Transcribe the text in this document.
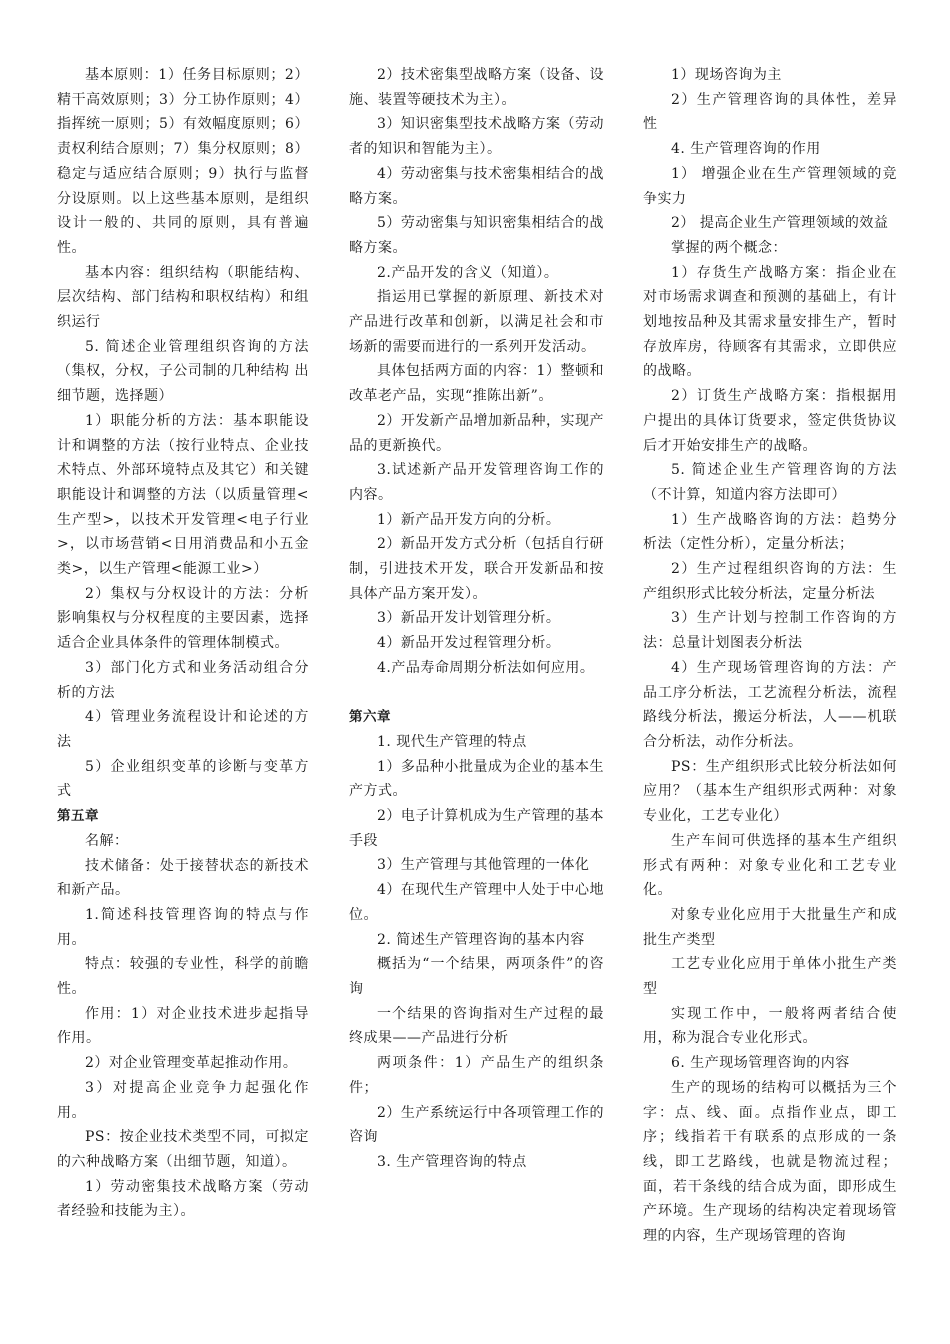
基本原则：1）任务目标原则；2）精干高效原则；3）分工协作原则；4）指挥统一原则；5）有效幅度原则；6）责权利结合原则；7）集分权原则；8）稳定与适应结合原则；9）执行与监督分设原则。以上这些基本原则，是组织设计一般的、共同的原则，具有普遍性。

基本内容：组织结构（职能结构、层次结构、部门结构和职权结构）和组织运行

5. 简述企业管理组织咨询的方法（集权，分权，子公司制的几种结构 出细节题，选择题）

1）职能分析的方法：基本职能设计和调整的方法（按行业特点、企业技术特点、外部环境特点及其它）和关键职能设计和调整的方法（以质量管理<生产型>，以技术开发管理<电子行业>，以市场营销<日用消费品和小五金类>，以生产管理<能源工业>）

2）集权与分权设计的方法：分析影响集权与分权程度的主要因素，选择适合企业具体条件的管理体制模式。

3）部门化方式和业务活动组合分析的方法

4）管理业务流程设计和论述的方法

5）企业组织变革的诊断与变革方式

第五章

名解：

技术储备：处于接替状态的新技术和新产品。

1.简述科技管理咨询的特点与作用。

特点：较强的专业性，科学的前瞻性。

作用：1）对企业技术进步起指导作用。

2）对企业管理变革起推动作用。

3）对提高企业竞争力起强化作用。

PS：按企业技术类型不同，可拟定的六种战略方案（出细节题，知道）。

1）劳动密集技术战略方案（劳动者经验和技能为主）。

2）技术密集型战略方案（设备、设施、装置等硬技术为主）。

3）知识密集型技术战略方案（劳动者的知识和智能为主）。

4）劳动密集与技术密集相结合的战略方案。

5）劳动密集与知识密集相结合的战略方案。

2.产品开发的含义（知道）。

指运用已掌握的新原理、新技术对产品进行改革和创新，以满足社会和市场新的需要而进行的一系列开发活动。

具体包括两方面的内容：1）整顿和改革老产品，实现“推陈出新”。

2）开发新产品增加新品种，实现产品的更新换代。

3.试述新产品开发管理咨询工作的内容。

1）新产品开发方向的分析。

2）新品开发方式分析（包括自行研制，引进技术开发，联合开发新品和按具体产品方案开发）。

3）新品开发计划管理分析。

4）新品开发过程管理分析。

4.产品寿命周期分析法如何应用。

第六章

1. 现代生产管理的特点

1）多品种小批量成为企业的基本生产方式。

2）电子计算机成为生产管理的基本手段

3）生产管理与其他管理的一体化

4）在现代生产管理中人处于中心地位。

2. 简述生产管理咨询的基本内容

概括为“一个结果，两项条件”的咨询

一个结果的咨询指对生产过程的最终成果——产品进行分析

两项条件：1）产品生产的组织条件；

2）生产系统运行中各项管理工作的咨询

3. 生产管理咨询的特点

1）现场咨询为主

2）生产管理咨询的具体性，差异性

4. 生产管理咨询的作用

1） 增强企业在生产管理领域的竞争实力

2） 提高企业生产管理领域的效益

掌握的两个概念：

1）存货生产战略方案：指企业在对市场需求调查和预测的基础上，有计划地按品种及其需求量安排生产，暂时存放库房，待顾客有其需求，立即供应的战略。

2）订货生产战略方案：指根据用户提出的具体订货要求，签定供货协议后才开始安排生产的战略。

5. 简述企业生产管理咨询的方法（不计算，知道内容方法即可）

1）生产战略咨询的方法：趋势分析法（定性分析），定量分析法；

2）生产过程组织咨询的方法：生产组织形式比较分析法，定量分析法

3）生产计划与控制工作咨询的方法：总量计划图表分析法

4）生产现场管理咨询的方法：产品工序分析法，工艺流程分析法，流程路线分析法，搬运分析法，人——机联合分析法，动作分析法。

PS：生产组织形式比较分析法如何应用？（基本生产组织形式两种：对象专业化，工艺专业化）

生产车间可供选择的基本生产组织形式有两种：对象专业化和工艺专业化。

对象专业化应用于大批量生产和成批生产类型

工艺专业化应用于单体小批生产类型

实现工作中，一般将两者结合使用，称为混合专业化形式。

6. 生产现场管理咨询的内容

生产的现场的结构可以概括为三个字：点、线、面。点指作业点，即工序；线指若干有联系的点形成的一条线，即工艺路线，也就是物流过程；面，若干条线的结合成为面，即形成生产环境。生产现场的结构决定着现场管理的内容，生产现场管理的咨询
